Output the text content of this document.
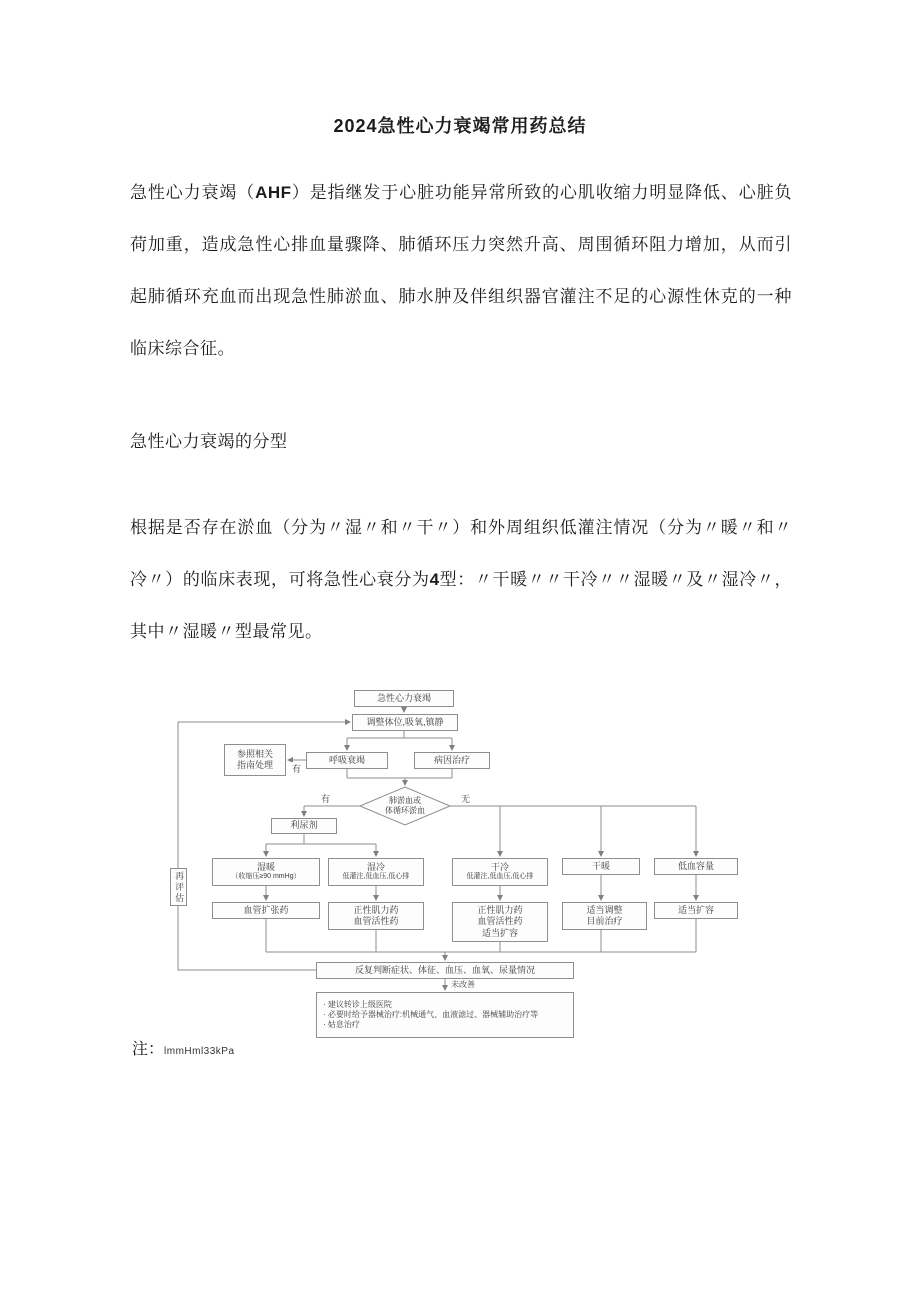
2024急性心力衰竭常用药总结
急性心力衰竭（AHF）是指继发于心脏功能异常所致的心肌收缩力明显降低、心脏负荷加重，造成急性心排血量骤降、肺循环压力突然升高、周围循环阻力增加，从而引起肺循环充血而出现急性肺淤血、肺水肿及伴组织器官灌注不足的心源性休克的一种临床综合征。
急性心力衰竭的分型
根据是否存在淤血（分为〃湿〃和〃干〃）和外周组织低灌注情况（分为〃暖〃和〃冷〃）的临床表现，可将急性心衰分为4型：〃干暖〃〃干冷〃〃湿暖〃及〃湿冷〃，其中〃湿暖〃型最常见。
急性心力衰竭
调整体位,吸氧,镇静
参照相关
指南处理
呼吸衰竭	病因治疗
肺淤血或
体循环淤血
利尿剂
再评估
湿暖
（收缩压≥90 mmHg）
湿冷
低灌注,低血压,低心排
干冷
低灌注,低血压,低心排
干暖	低血容量
血管扩张药	正性肌力药
血管活性药
正性肌力药
血管活性药
适当扩容
适当调整
目前治疗
适当扩容
反复判断症状、体征、血压、血氧、尿量情况
· 建议转诊上级医院
· 必要时给予器械治疗:机械通气、血液滤过、器械辅助治疗等
· 姑息治疗
有
有	无
未改善
注：lmmHml33kPa
